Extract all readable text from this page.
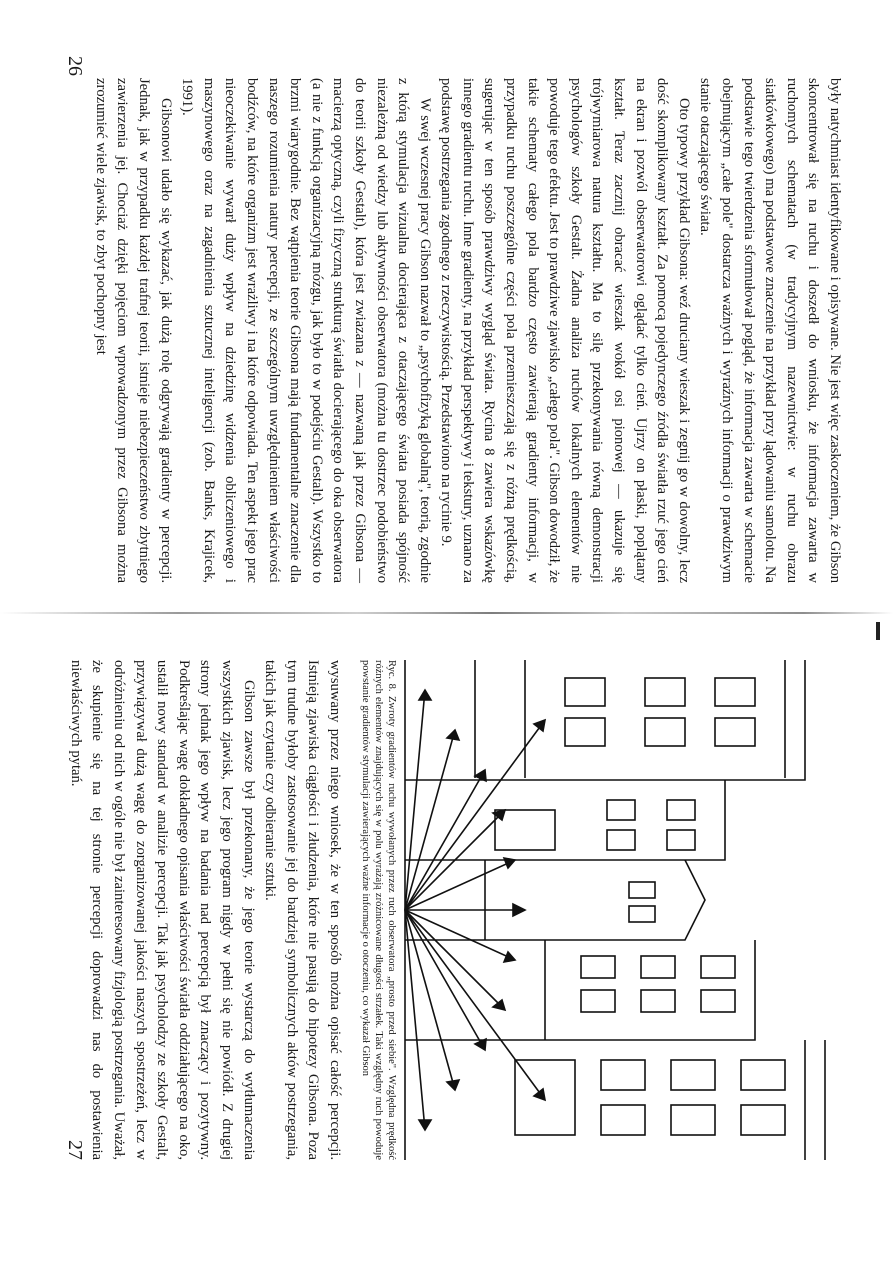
były natychmiast identyfikowane i opisywane. Nie jest więc zaskoczeniem, że Gibson skoncentrował się na ruchu i doszedł do wniosku, że informacja zawarta w ruchomych schematach (w tradycyjnym nazewnictwie: w ruchu obrazu siatkówkowego) ma podstawowe znaczenie na przykład przy lądowaniu samolotu. Na podstawie tego twierdzenia sformułował pogląd, że informacja zawarta w schemacie obejmującym „całe pole" dostarcza ważnych i wyraźnych informacji o prawdziwym stanie otaczającego świata.

Oto typowy przykład Gibsona: weź druciany wieszak i zegnij go w dowolny, lecz dość skomplikowany kształt. Za pomocą pojedynczego źródła światła rzuć jego cień na ekran i pozwól obserwatorowi oglądać tylko cień. Ujrzy on płaski, poplątany kształt. Teraz zacznij obracać wieszak wokół osi pionowej — ukazuje się trójwymiarowa natura kształtu. Ma to silę przekonywania równą demonstracji psychologów szkoły Gestalt. Żadna analiza ruchów lokalnych elementów nie powoduje tego efektu. Jest to prawdziwe zjawisko „całego pola". Gibson dowodził, że takie schematy całego pola bardzo często zawierają gradienty informacji, w przypadku ruchu poszczególne części pola przemieszczają się z różną prędkością, sugerując w ten sposób prawdziwy wygląd świata. Rycina 8 zawiera wskazówkę innego gradientu ruchu. Inne gradienty, na przykład perspektywy i tekstury, uznano za podstawę postrzegania zgodnego z rzeczywistością. Przedstawiono na rycinie 9.

W swej wczesnej pracy Gibson nazwał to „psychofizyką globalną", teorią, zgodnie z którą stymulacja wizualna docierająca z otaczającego świata posiada spójność niezależną od wiedzy lub aktywności obserwatora (można tu dostrzec podobieństwo do teorii szkoły Gestalt), która jest zwiazana z — nazwaną jak przez Gibsona — macierzą optyczną, czyli fizyczną strukturą światła docierającego do oka obserwatora (a nie z funkcją organizacyjną mózgu, jak było to w podejściu Gestalt). Wszystko to brzmi wiarygodnie. Bez wątpienia teorie Gibsona mają fundamentalne znaczenie dla naszego rozumienia natury percepcji, ze szczególnym uwzględnieniem właściwości bodźców, na które organizm jest wrażliwy i na które odpowiada. Ten aspekt jego prac nieoczekiwanie wywarł duży wpływ na dziedzinę widzenia obliczeniowego i maszynowego oraz na zagadnienia sztucznej inteligencji (zob. Banks, Krajicek, 1991).

Gibsonowi udało się wykazać, jak dużą rolę odgrywają gradienty w percepcji. Jednak, jak w przypadku każdej trafnej teorii, istnieje niebezpieczeństwo zbytniego zawierzenia jej. Chociaż dzięki pojęciom wprowadzonym przez Gibsona można zrozumieć wiele zjawisk, to zbyt pochopny jest

26
Ryc. 8. Zwroty gradientów ruchu wywołanych przez ruch obserwatora „prosto przed siebie". Względna prędkość różnych elementów znajdujących się w polu wyrażają zróżnicowane długości strzałek. Taki względny ruch powoduje powstanie gradientów stymulacji zawierających ważne informacje o otoczeniu, co wykazał Gibson

wysuwany przez niego wniosek, że w ten sposób można opisać całość percepcji. Istnieją zjawiska ciągłości i złudzenia, które nie pasują do hipotezy Gibsona. Poza tym trudne byłoby zastosowanie jej do bardziej symbolicznych aktów postrzegania, takich jak czytanie czy odbieranie sztuki.

Gibson zawsze był przekonany, że jego teorie wystarczą do wytłumaczenia wszystkich zjawisk, lecz jego program nigdy w pełni się nie powiódł. Z drugiej strony jednak jego wpływ na badania nad percepcją był znaczący i pozytywny. Podkreślając wagę dokładnego opisania właściwości światła oddziałującego na oko, ustalił nowy standard w analizie percepcji. Tak jak psycholodzy ze szkoły Gestalt, przywiązywał dużą wagę do zorganizowanej jakości naszych spostrzeżeń, lecz w odróżnieniu od nich w ogóle nie był zainteresowany fizjologią postrzegania. Uważał, że skupienie się na tej stronie percepcji doprowadzi nas do postawienia niewłaściwych pytań.

27
